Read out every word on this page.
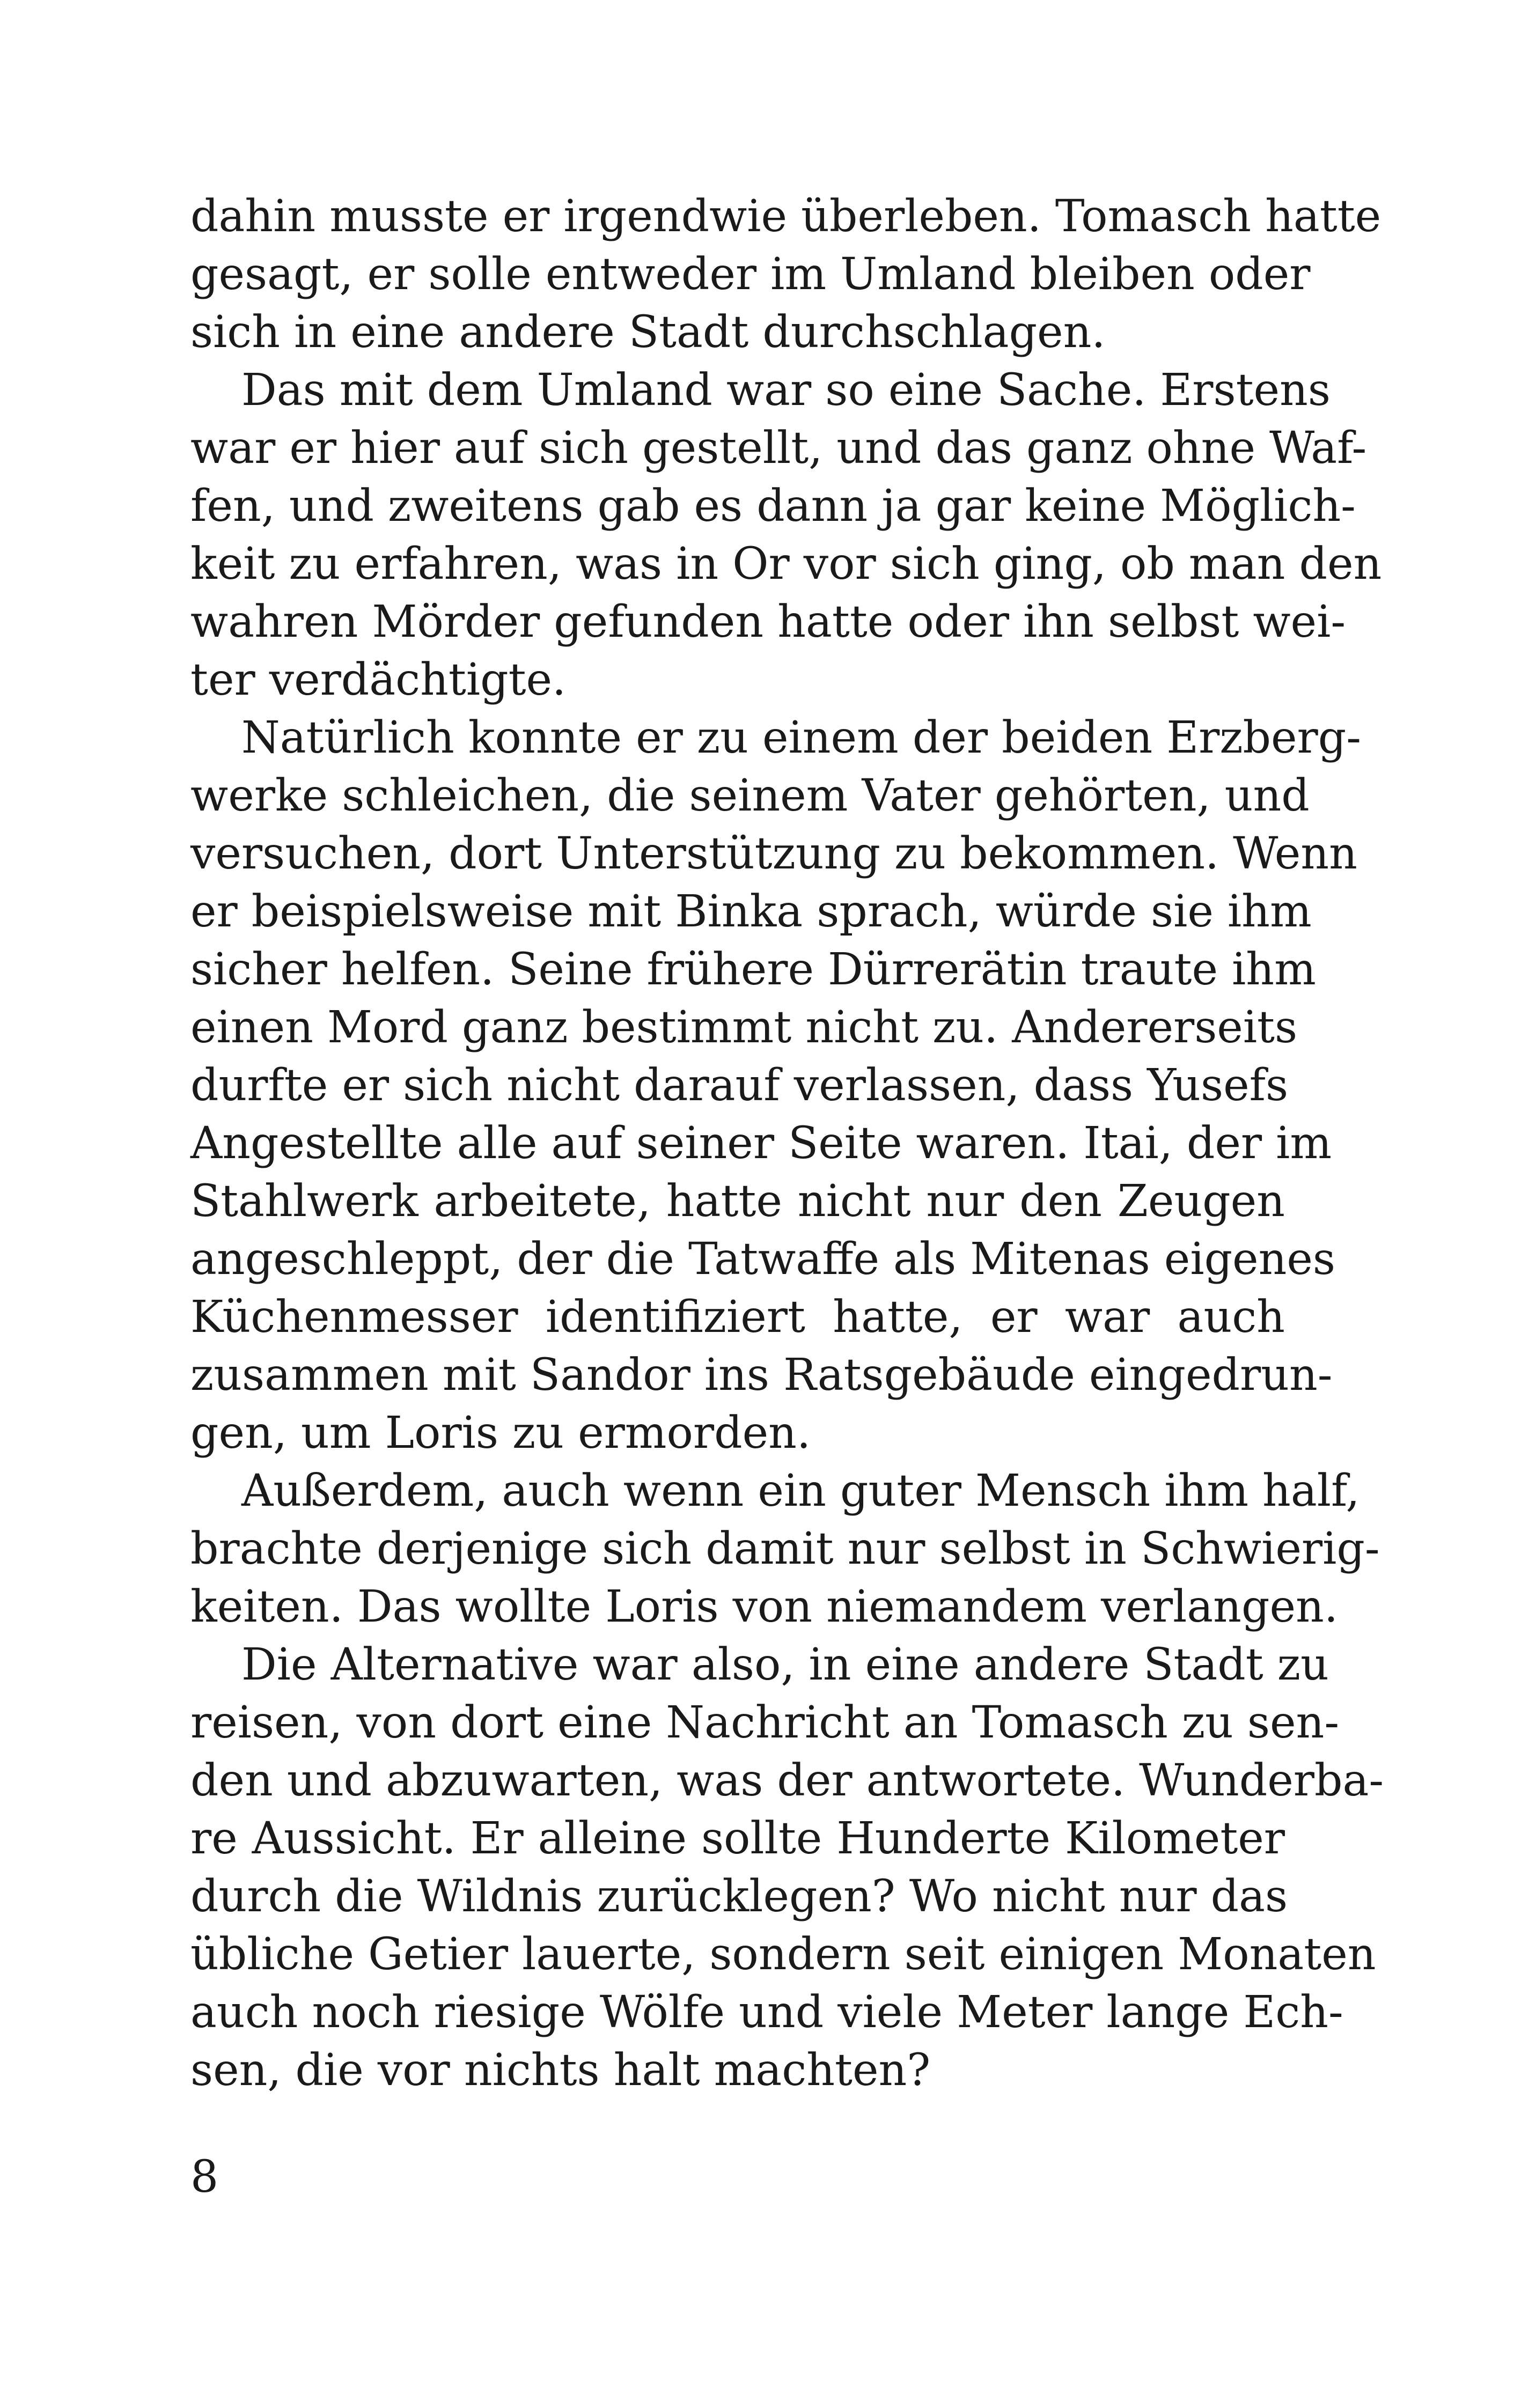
dahin musste er irgendwie überleben. Tomasch hatte
gesagt, er solle entweder im Umland bleiben oder
sich in eine andere Stadt durchschlagen.
Das mit dem Umland war so eine Sache. Erstens
war er hier auf sich gestellt, und das ganz ohne Waf-
fen, und zweitens gab es dann ja gar keine Möglich-
keit zu erfahren, was in Or vor sich ging, ob man den
wahren Mörder gefunden hatte oder ihn selbst wei-
ter verdächtigte.
Natürlich konnte er zu einem der beiden Erzberg-
werke schleichen, die seinem Vater gehörten, und
versuchen, dort Unterstützung zu bekommen. Wenn
er beispielsweise mit Binka sprach, würde sie ihm
sicher helfen. Seine frühere Dürrerätin traute ihm
einen Mord ganz bestimmt nicht zu. Andererseits
durfte er sich nicht darauf verlassen, dass Yusefs
Angestellte alle auf seiner Seite waren. Itai, der im
Stahlwerk arbeitete, hatte nicht nur den Zeugen
angeschleppt, der die Tatwaffe als Mitenas eigenes
Küchenmesser identifiziert hatte, er war auch
zusammen mit Sandor ins Ratsgebäude eingedrun-
gen, um Loris zu ermorden.
Außerdem, auch wenn ein guter Mensch ihm half,
brachte derjenige sich damit nur selbst in Schwierig-
keiten. Das wollte Loris von niemandem verlangen.
Die Alternative war also, in eine andere Stadt zu
reisen, von dort eine Nachricht an Tomasch zu sen-
den und abzuwarten, was der antwortete. Wunderba-
re Aussicht. Er alleine sollte Hunderte Kilometer
durch die Wildnis zurücklegen? Wo nicht nur das
übliche Getier lauerte, sondern seit einigen Monaten
auch noch riesige Wölfe und viele Meter lange Ech-
sen, die vor nichts halt machten?
8
